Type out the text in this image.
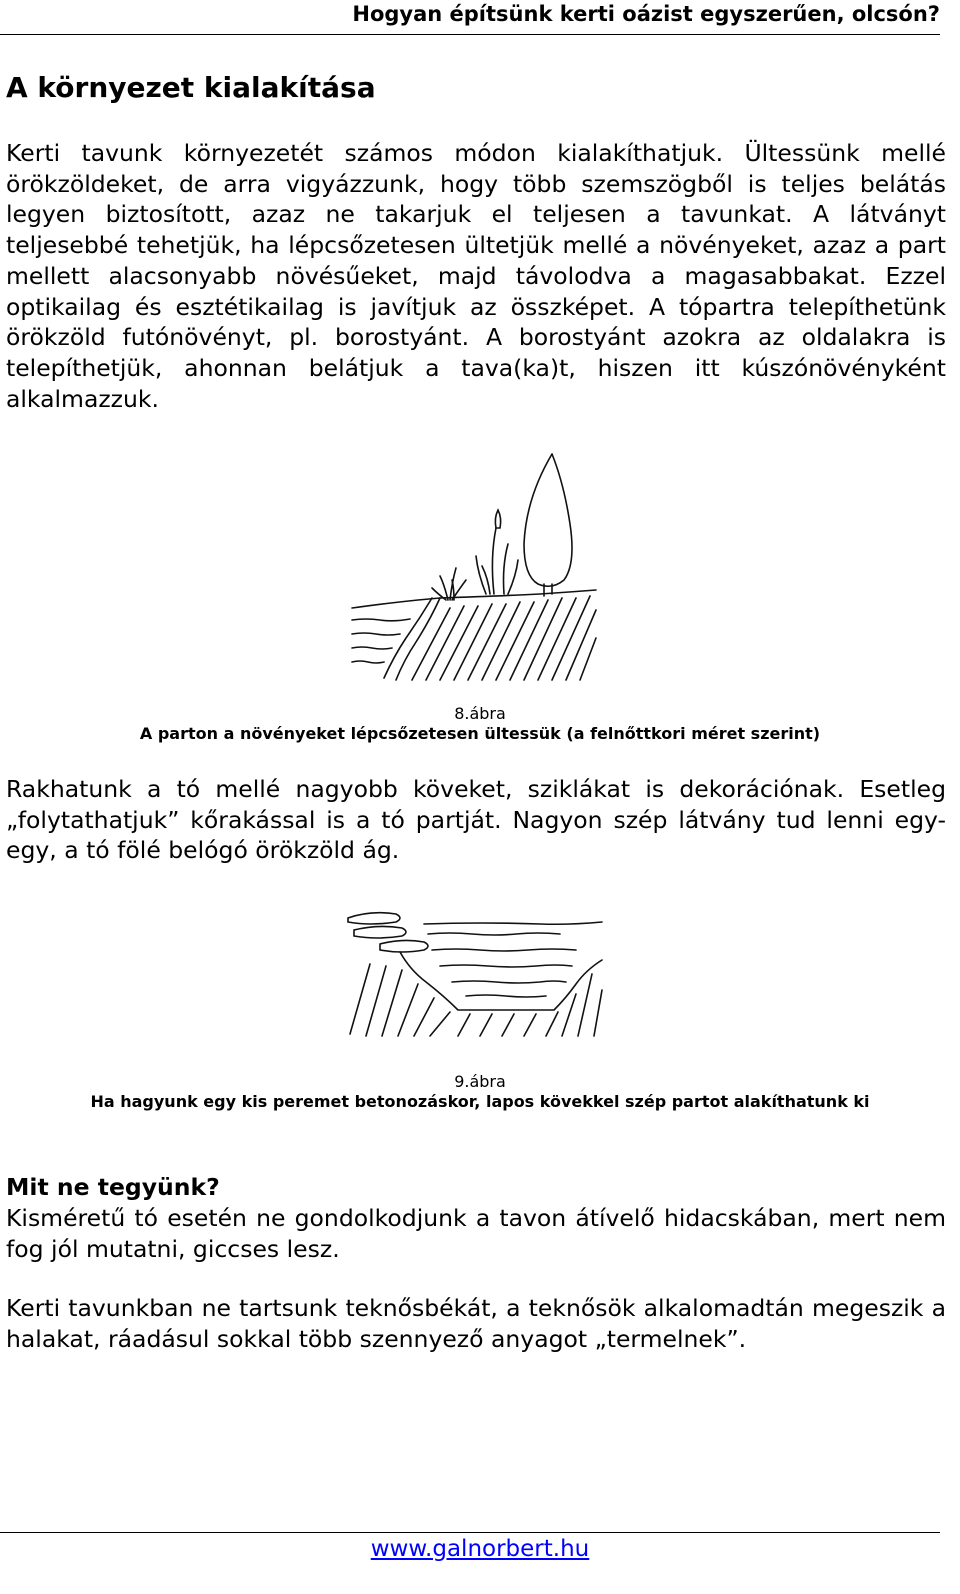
Hogyan építsünk kerti oázist egyszerűen, olcsón?
A környezet kialakítása

Kerti tavunk környezetét számos módon kialakíthatjuk. Ültessünk mellé örökzöldeket, de arra vigyázzunk, hogy több szemszögből is teljes belátás legyen biztosított, azaz ne takarjuk el teljesen a tavunkat. A látványt teljesebbé tehetjük, ha lépcsőzetesen ültetjük mellé a növényeket, azaz a part mellett alacsonyabb növésűeket, majd távolodva a magasabbakat. Ezzel optikailag és esztétikailag is javítjuk az összképet. A tópartra telepíthetünk örökzöld futónövényt, pl. borostyánt. A borostyánt azokra az oldalakra is telepíthetjük, ahonnan belátjuk a tava(ka)t, hiszen itt kúszónövényként alkalmazzuk.

8.ábra
A parton a növényeket lépcsőzetesen ültessük (a felnőttkori méret szerint)

Rakhatunk a tó mellé nagyobb köveket, sziklákat is dekorációnak. Esetleg „folytathatjuk” kőrakással is a tó partját. Nagyon szép látvány tud lenni egy-egy, a tó fölé belógó örökzöld ág.

9.ábra
Ha hagyunk egy kis peremet betonozáskor, lapos kövekkel szép partot alakíthatunk ki
Mit ne tegyünk?

Kisméretű tó esetén ne gondolkodjunk a tavon átívelő hidacskában, mert nem fog jól mutatni, giccses lesz.

Kerti tavunkban ne tartsunk teknősbékát, a teknősök alkalomadtán megeszik a halakat, ráadásul sokkal több szennyező anyagot „termelnek”.

www.galnorbert.hu
